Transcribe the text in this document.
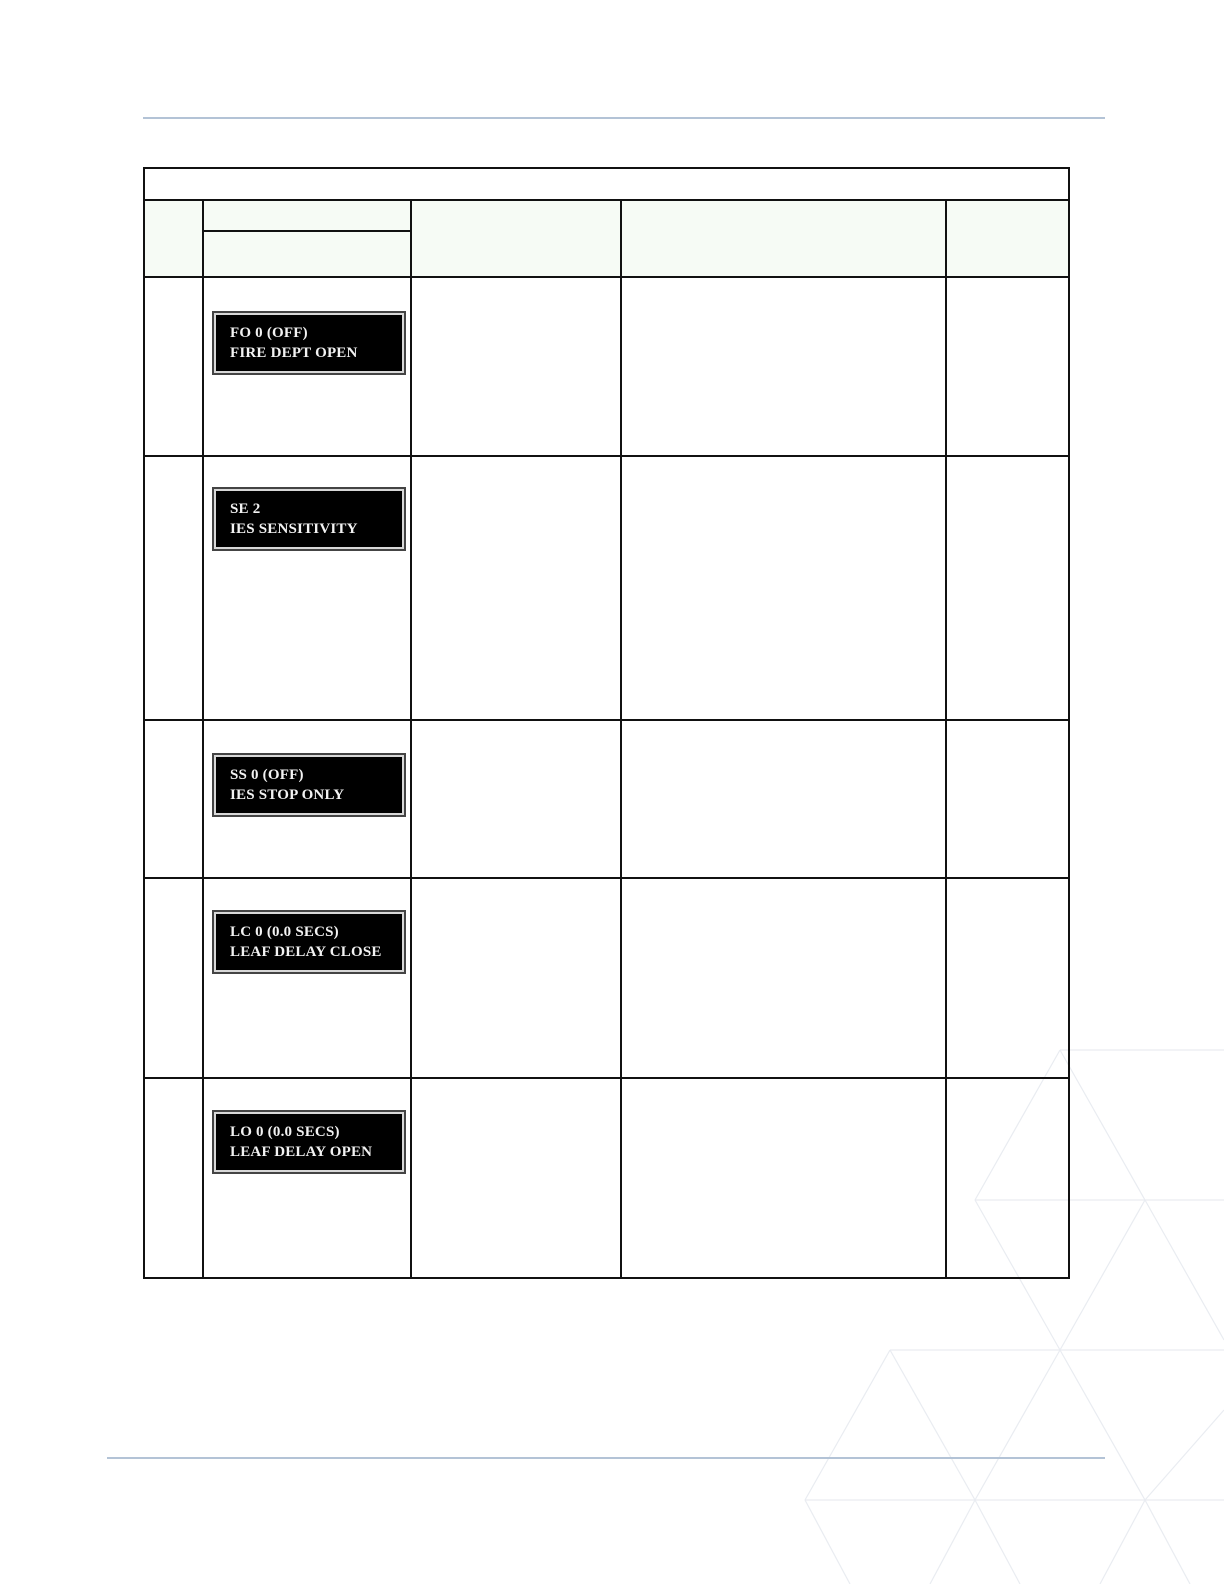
FO 0 (OFF)
FIRE DEPT OPEN
SE 2
IES SENSITIVITY
SS 0 (OFF)
IES STOP ONLY
LC 0 (0.0 SECS)
LEAF DELAY CLOSE
LO 0 (0.0 SECS)
LEAF DELAY OPEN
